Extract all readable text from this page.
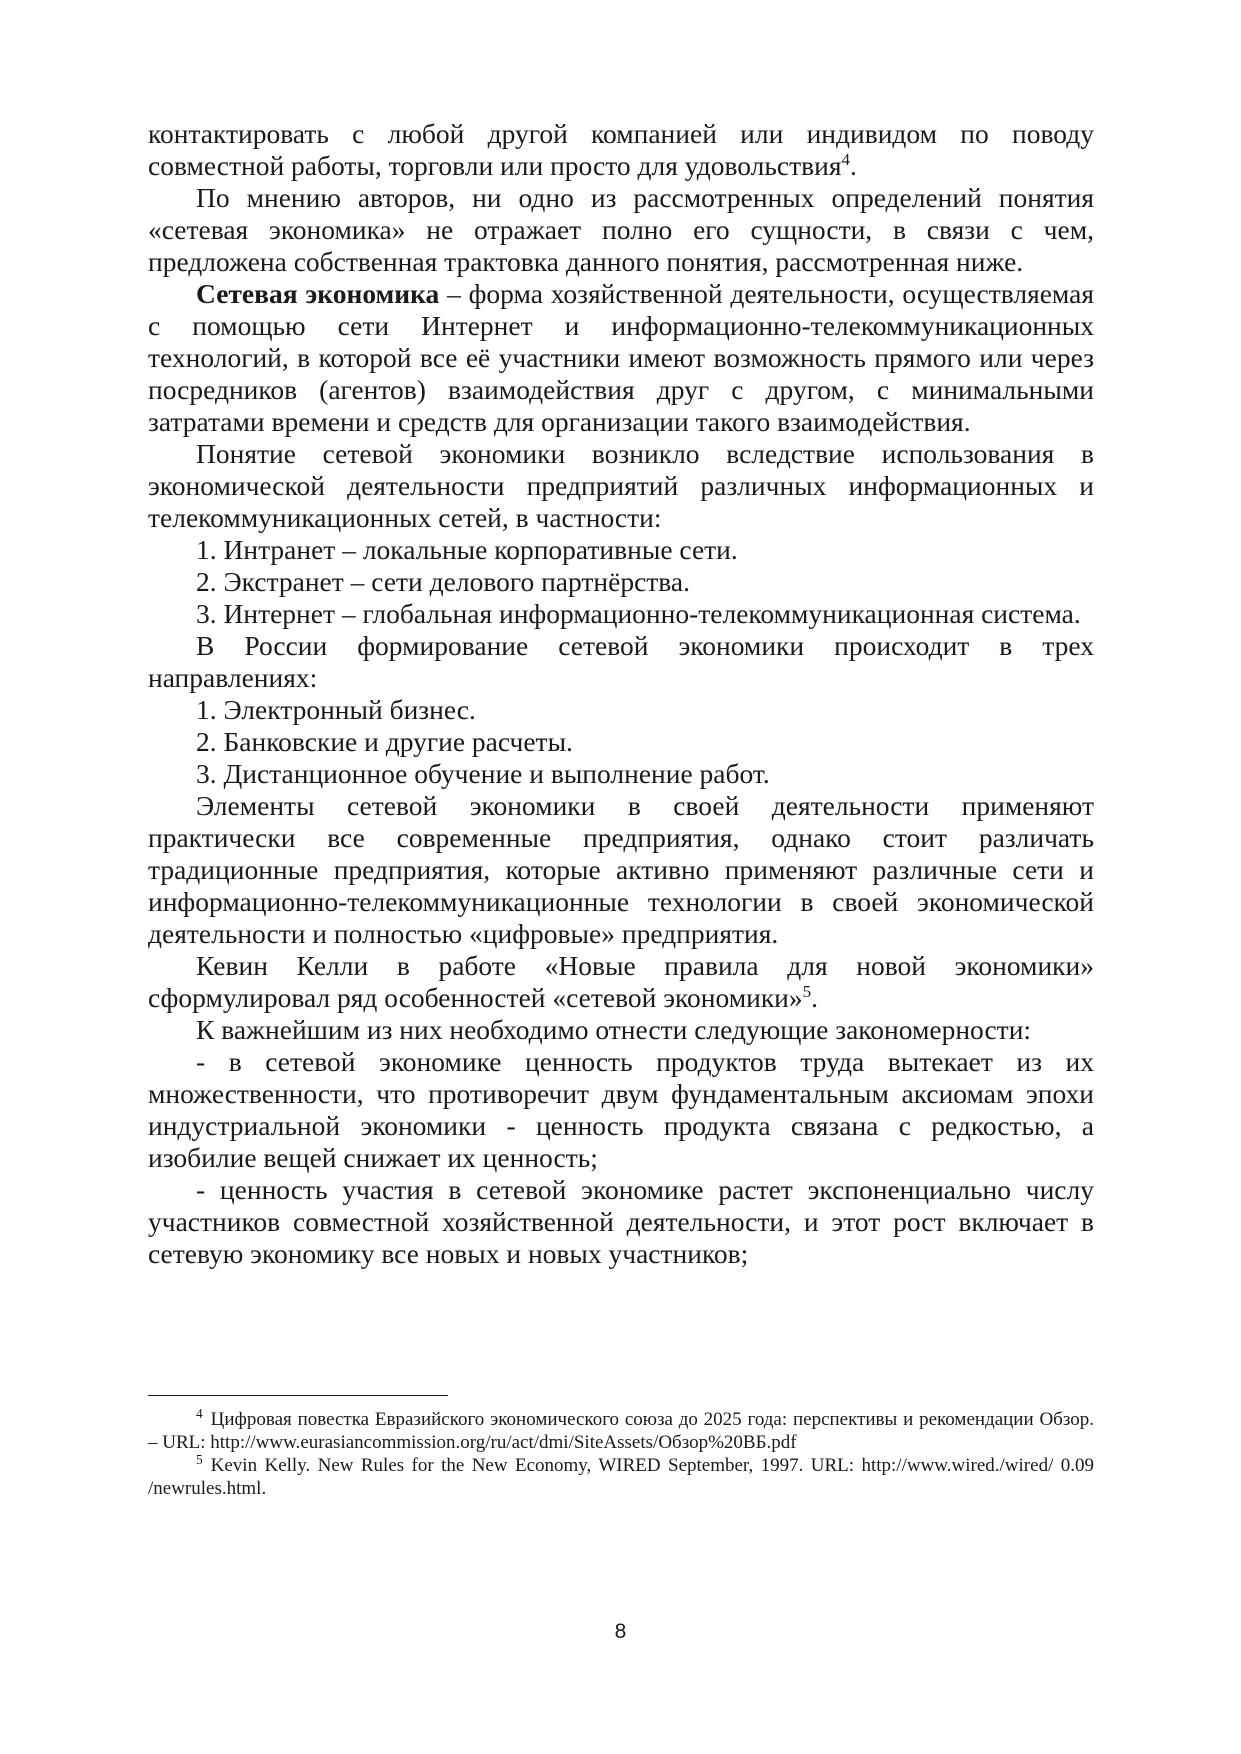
контактировать с любой другой компанией или индивидом по поводу совместной работы, торговли или просто для удовольствия$^4$.

По мнению авторов, ни одно из рассмотренных определений понятия «сетевая экономика» не отражает полно его сущности, в связи с чем, предложена собственная трактовка данного понятия, рассмотренная ниже.

Сетевая экономика – форма хозяйственной деятельности, осуществляемая с помощью сети Интернет и информационно-телекоммуникационных технологий, в которой все её участники имеют возможность прямого или через посредников (агентов) взаимодействия друг с другом, с минимальными затратами времени и средств для организации такого взаимодействия.

Понятие сетевой экономики возникло вследствие использования в экономической деятельности предприятий различных информационных и телекоммуникационных сетей, в частности:

1. Интранет – локальные корпоративные сети.

2. Экстранет – сети делового партнёрства.

3. Интернет – глобальная информационно-телекоммуникационная система.

В России формирование сетевой экономики происходит в трех направлениях:

1. Электронный бизнес.

2. Банковские и другие расчеты.

3. Дистанционное обучение и выполнение работ.

Элементы сетевой экономики в своей деятельности применяют практически все современные предприятия, однако стоит различать традиционные предприятия, которые активно применяют различные сети и информационно-телекоммуникационные технологии в своей экономической деятельности и полностью «цифровые» предприятия.

Кевин Келли в работе «Новые правила для новой экономики» сформулировал ряд особенностей «сетевой экономики»$^5$.

К важнейшим из них необходимо отнести следующие закономерности:

- в сетевой экономике ценность продуктов труда вытекает из их множественности, что противоречит двум фундаментальным аксиомам эпохи индустриальной экономики - ценность продукта связана с редкостью, а изобилие вещей снижает их ценность;

- ценность участия в сетевой экономике растет экспоненциально числу участников совместной хозяйственной деятельности, и этот рост включает в сетевую экономику все новых и новых участников;

$^4$ Цифровая повестка Евразийского экономического союза до 2025 года: перспективы и рекомендации Обзор. – URL: http://www.eurasiancommission.org/ru/act/dmi/SiteAssets/Обзор%20ВБ.pdf

$^5$ Kevin Kelly. New Rules for the New Economy, WIRED September, 1997. URL: http://www.wired./wired/ 0.09 /newrules.html.

8
